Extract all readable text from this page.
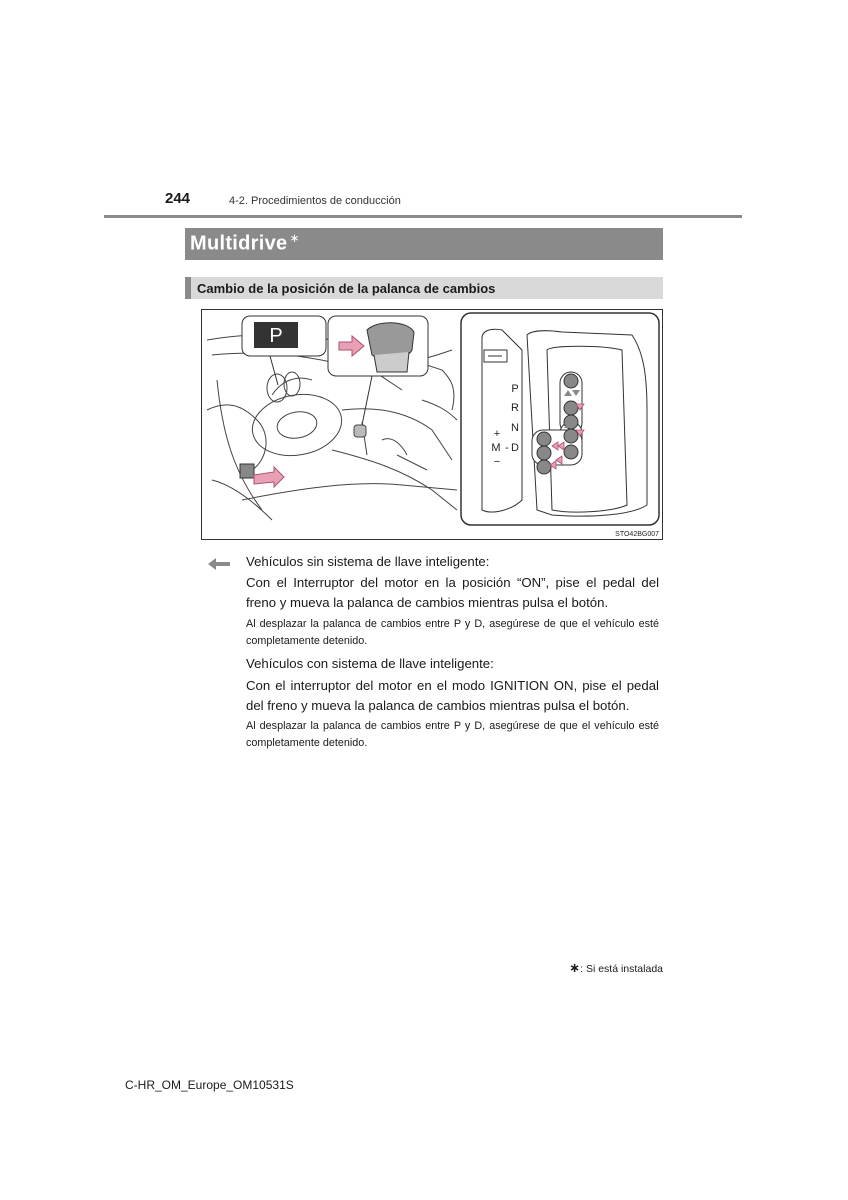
244	4-2. Procedimientos de conducción
Multidrive ∗
Cambio de la posición de la palanca de cambios
P
P
R
N
D
+
M -
−
STO42BG007
Vehículos sin sistema de llave inteligente:
Con el Interruptor del motor en la posición “ON”, pise el pedal del freno y mueva la palanca de cambios mientras pulsa el botón.
Al desplazar la palanca de cambios entre P y D, asegúrese de que el vehículo esté completamente detenido.
Vehículos con sistema de llave inteligente:
Con el interruptor del motor en el modo IGNITION ON, pise el pedal del freno y mueva la palanca de cambios mientras pulsa el botón.
Al desplazar la palanca de cambios entre P y D, asegúrese de que el vehículo esté completamente detenido.
∗: Si está instalada
C-HR_OM_Europe_OM10531S
